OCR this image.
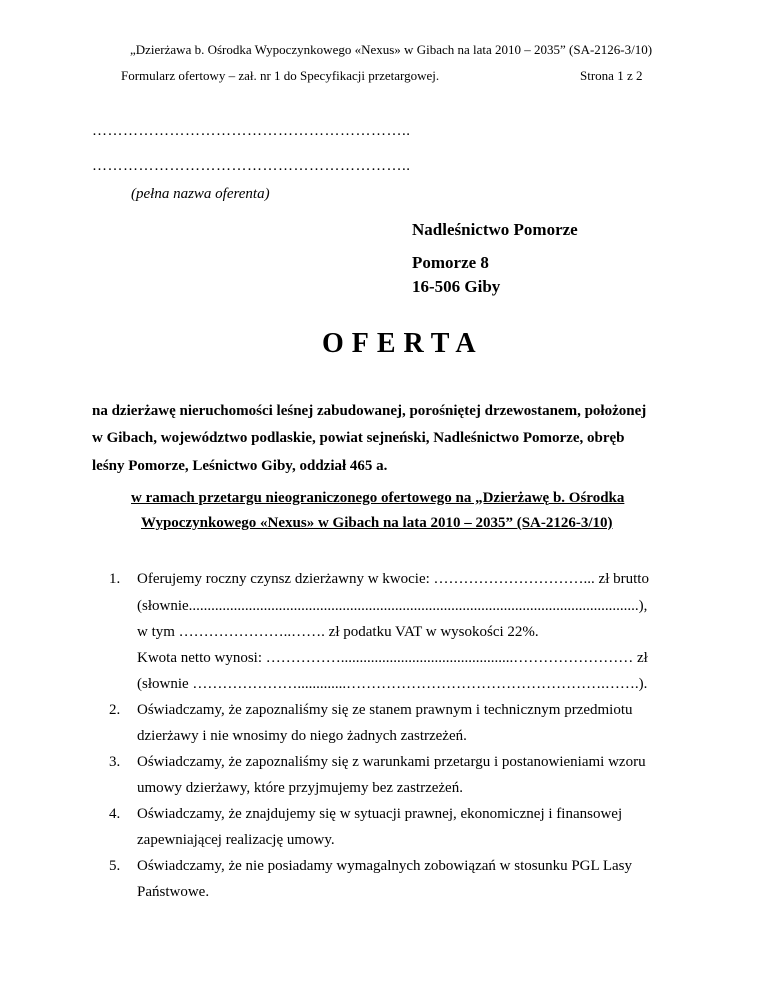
„Dzierżawa b. Ośrodka Wypoczynkowego «Nexus» w Gibach na lata 2010 – 2035” (SA-2126-3/10)
Formularz ofertowy – zał. nr 1 do Specyfikacji przetargowej.	Strona 1 z 2
……………………………………………………..
……………………………………………………..
(pełna nazwa oferenta)
Nadleśnictwo Pomorze
Pomorze 8
16-506 Giby
OFERTA
na dzierżawę nieruchomości leśnej zabudowanej, porośniętej drzewostanem, położonej
w Gibach, województwo podlaskie, powiat sejneński, Nadleśnictwo Pomorze, obręb
leśny Pomorze, Leśnictwo Giby, oddział 465 a.
w ramach przetargu nieograniczonego ofertowego na „Dzierżawę b. Ośrodka
Wypoczynkowego «Nexus» w Gibach na lata 2010 – 2035” (SA-2126-3/10)
1. Oferujemy roczny czynsz dzierżawny w kwocie: …………………………... zł brutto
(słownie........................................................................................................................),
w tym …………………..……. zł podatku VAT w wysokości 22%.
Kwota netto wynosi: ……………..............................................…………………… zł
(słownie ………………….............…………………………………………….…….).
2. Oświadczamy, że zapoznaliśmy się ze stanem prawnym i technicznym przedmiotu
dzierżawy i nie wnosimy do niego żadnych zastrzeżeń.
3. Oświadczamy, że zapoznaliśmy się z warunkami przetargu i postanowieniami wzoru
umowy dzierżawy, które przyjmujemy bez zastrzeżeń.
4. Oświadczamy, że znajdujemy się w sytuacji prawnej, ekonomicznej i finansowej
zapewniającej realizację umowy.
5. Oświadczamy, że nie posiadamy wymagalnych zobowiązań w stosunku PGL Lasy
Państwowe.
